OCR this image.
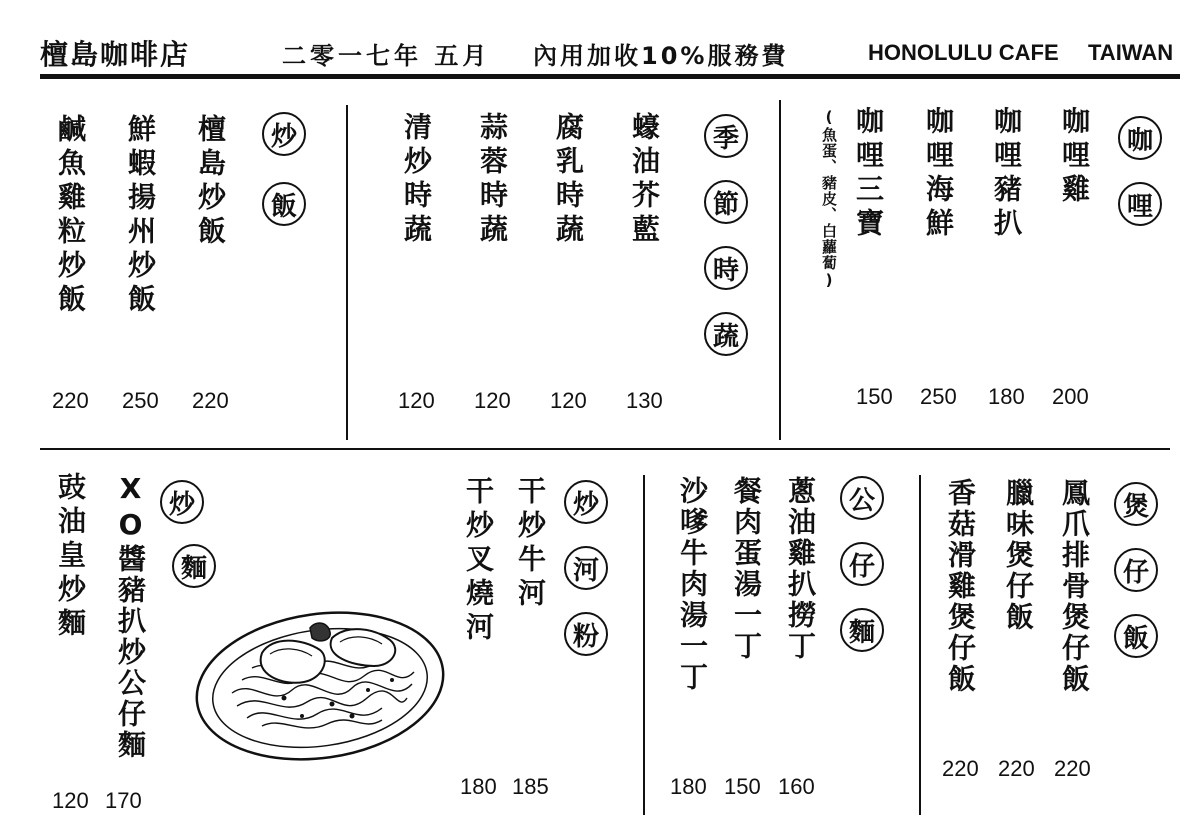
檀島咖啡店	二零一七年 五月 內用加收10%服務費	HONOLULU CAFE TAIWAN
炒
飯
鹹魚雞粒炒飯 鮮蝦揚州炒飯 檀島炒飯
220 250 220
季
節
時
蔬
清炒時蔬 蒜蓉時蔬 腐乳時蔬 蠔油芥藍
120 120 120 130
咖
哩
(魚蛋、豬皮、白蘿蔔) 咖哩三寶 咖哩海鮮 咖哩豬扒 咖哩雞
150 250 180 200
炒
麵
豉油皇炒麵 XO醬豬扒炒公仔麵
120 170
炒
河
粉
干炒叉燒河 干炒牛河
180 185
公
仔
麵
沙嗲牛肉湯一丁 餐肉蛋湯一丁 蔥油雞扒撈丁
180 150 160
煲
仔
飯
香菇滑雞煲仔飯 臘味煲仔飯 鳳爪排骨煲仔飯
220 220 220
